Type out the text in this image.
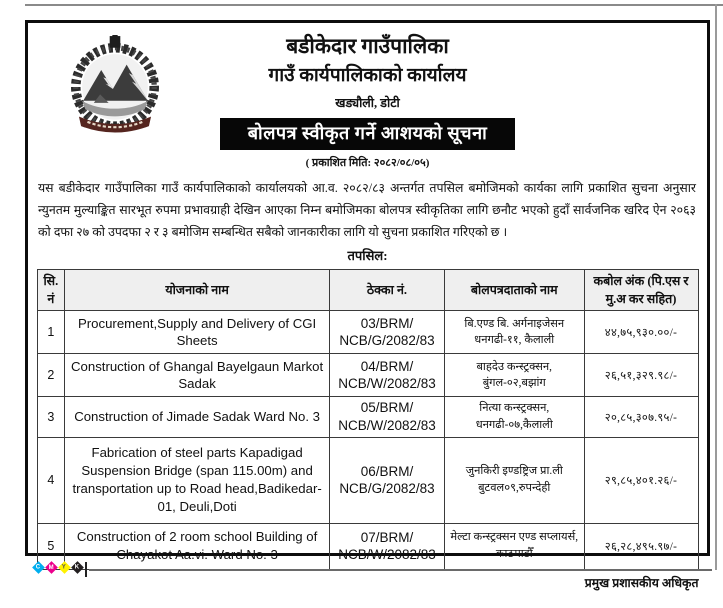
बडीकेदार गाउँपालिका
गाउँ कार्यपालिकाको कार्यालय
खड्यौली, डोटी
बोलपत्र स्वीकृत गर्ने आशयको सूचना
( प्रकाशित मिति: २०८२/०८/०५)

यस बडीकेदार गाउँपालिका गाउँ कार्यपालिकाको कार्यालयको आ.व. २०८२/८३ अन्तर्गत तपसिल बमोजिमको कार्यका लागि प्रकाशित सुचना अनुसार न्युनतम मुल्याङ्कित सारभूत रुपमा प्रभावग्राही देखिन आएका निम्न बमोजिमका बोलपत्र स्वीकृतिका लागि छनौट भएको हुदाँ सार्वजनिक खरिद ऐन २०६३ को दफा २७ को उपदफा २ र ३ बमोजिम सम्बन्धित सबैको जानकारीका लागि यो सुचना प्रकाशित गरिएको छ ।

तपसिल:
सि. नं	योजनाको नाम	ठेक्का नं.	बोलपत्रदाताको नाम	कबोल अंक (पि.एस र मु.अ कर सहित)
1	Procurement,Supply and Delivery of CGI Sheets	03/BRM/
NCB/G/2082/83	बि.एण्ड बि. अर्गनाइजेसन धनगढी-११, कैलाली	४४,७५,९३०.००/-
2	Construction of Ghangal Bayelgaun Markot Sadak	04/BRM/
NCB/W/2082/83	बाहदेउ कन्स्ट्रक्सन, बुंगल-०२,बझांग	२६,५१,३२९.९८/-
3	Construction of Jimade Sadak Ward No. 3	05/BRM/
NCB/W/2082/83	नित्या कन्स्ट्रक्सन, धनगढी-०७,कैलाली	२०,८५,३०७.९५/-
4	Fabrication of steel parts Kapadigad Suspension Bridge (span 115.00m) and transportation up to Road head,Badikedar-01, Deuli,Doti	06/BRM/
NCB/G/2082/83	जुनकिरी इण्डष्ट्रिज प्रा.ली बुटवल०९,रुपन्देही	२९,८५,४०१.२६/-
5	Construction of 2 room school Building of Chayakot Aa.vi. Ward No. 3	07/BRM/
NCB/W/2082/83	मेल्टा कन्स्ट्रक्सन एण्ड सप्लायर्स, काठमाडौँ	२६,२८,४९५.९७/-
प्रमुख प्रशासकीय अधिकृत
C M Y K
